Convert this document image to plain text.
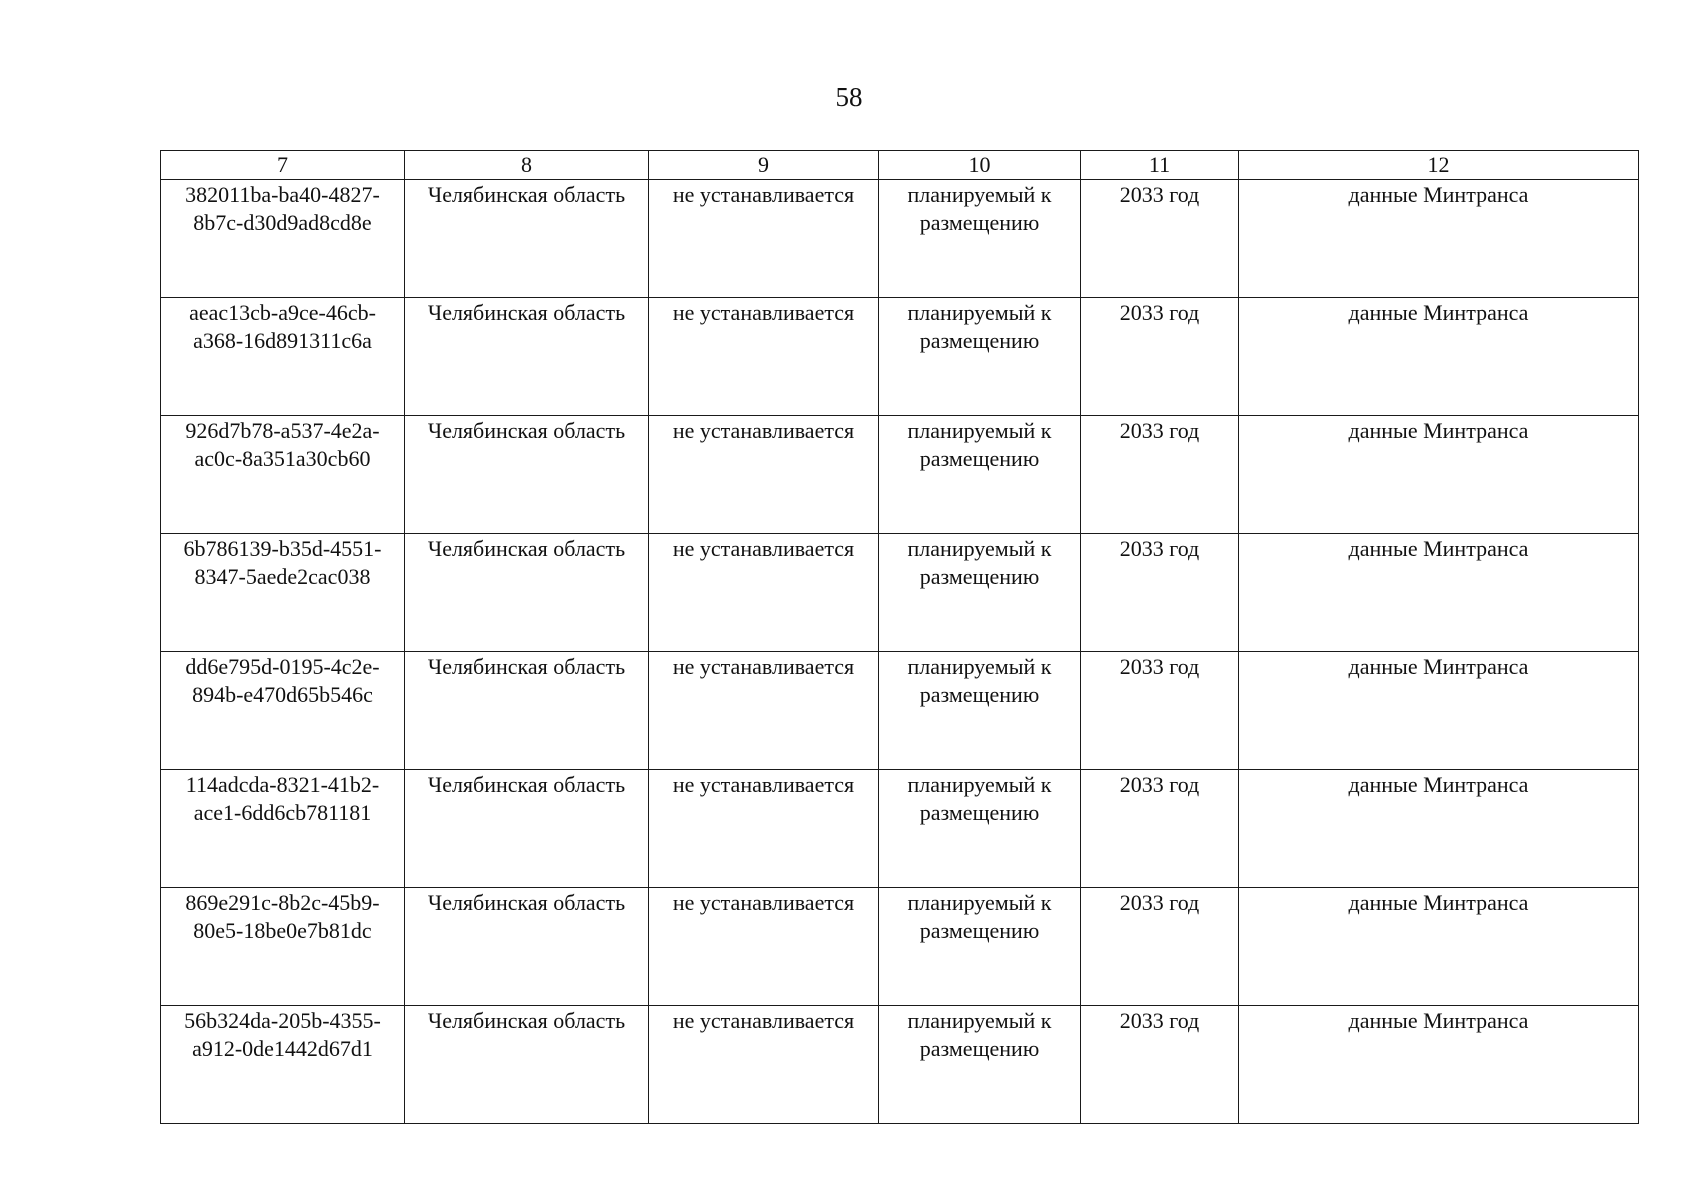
58
7	8	9	10	11	12

382011ba-ba40-4827-
8b7c-d30d9ad8cd8e	Челябинская область	не устанавливается	планируемый к
размещению	2033 год	данные Минтранса

aeac13cb-a9ce-46cb-
a368-16d891311c6a	Челябинская область	не устанавливается	планируемый к
размещению	2033 год	данные Минтранса

926d7b78-a537-4e2a-
ac0c-8a351a30cb60	Челябинская область	не устанавливается	планируемый к
размещению	2033 год	данные Минтранса

6b786139-b35d-4551-
8347-5aede2cac038	Челябинская область	не устанавливается	планируемый к
размещению	2033 год	данные Минтранса

dd6e795d-0195-4c2e-
894b-e470d65b546c	Челябинская область	не устанавливается	планируемый к
размещению	2033 год	данные Минтранса

114adcda-8321-41b2-
ace1-6dd6cb781181	Челябинская область	не устанавливается	планируемый к
размещению	2033 год	данные Минтранса

869e291c-8b2c-45b9-
80e5-18be0e7b81dc	Челябинская область	не устанавливается	планируемый к
размещению	2033 год	данные Минтранса

56b324da-205b-4355-
a912-0de1442d67d1	Челябинская область	не устанавливается	планируемый к
размещению	2033 год	данные Минтранса
